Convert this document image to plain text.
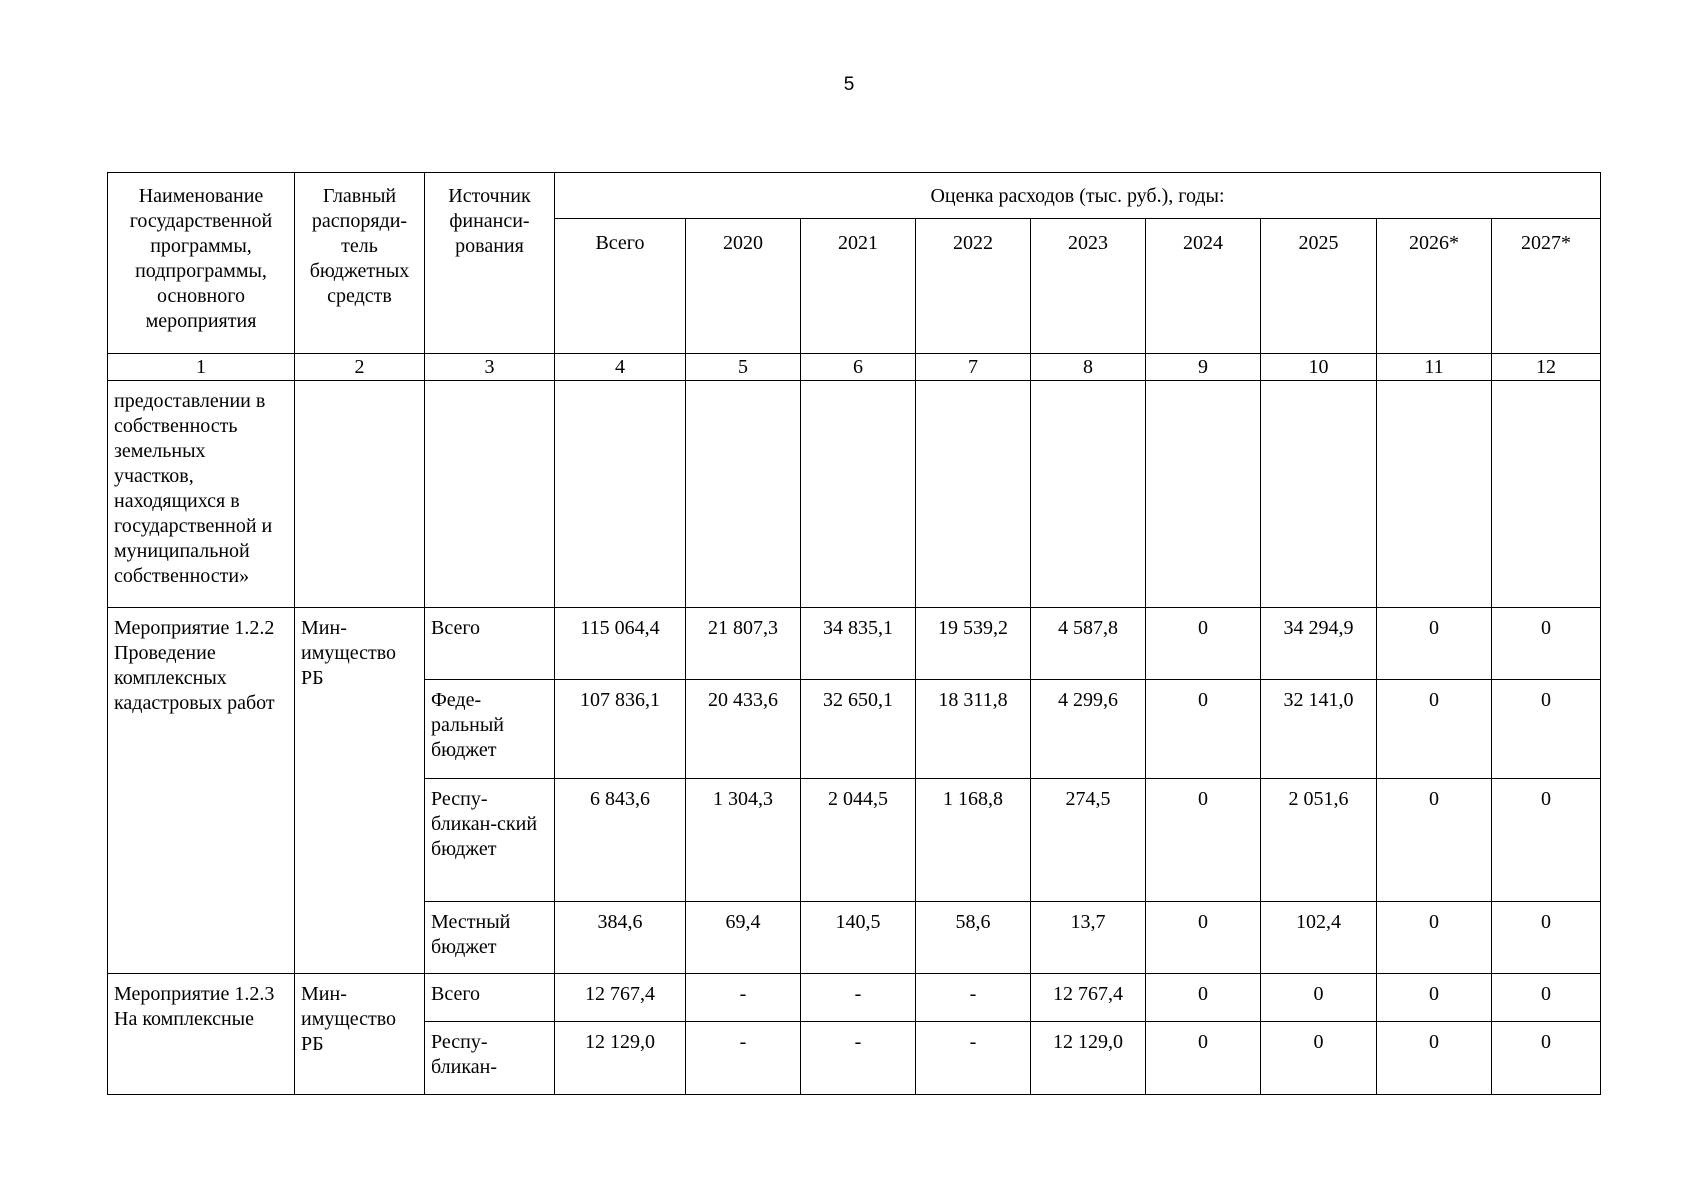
5
Наименование государственной программы, подпрограммы, основного мероприятия	Главный распоряди-тель бюджетных средств	Источник финанси-рования	Оценка расходов (тыс. руб.), годы:								
			Всего	2020	2021	2022	2023	2024	2025	2026*	2027*
1	2	3	4	5	6	7	8	9	10	11	12
предоставлении в собственность земельных участков, находящихся в государственной и муниципальной собственности»											
Мероприятие 1.2.2 Проведение комплексных кадастровых работ	Мин-имущество РБ	Всего	115 064,4	21 807,3	34 835,1	19 539,2	4 587,8	0	34 294,9	0	0
		Феде-ральный бюджет	107 836,1	20 433,6	32 650,1	18 311,8	4 299,6	0	32 141,0	0	0
		Респу-бликан-ский бюджет	6 843,6	1 304,3	2 044,5	1 168,8	274,5	0	2 051,6	0	0
		Местный бюджет	384,6	69,4	140,5	58,6	13,7	0	102,4	0	0
Мероприятие 1.2.3 На комплексные	Мин-имущество РБ	Всего	12 767,4	-	-	-	12 767,4	0	0	0	0
		Респу-бликан-	12 129,0	-	-	-	12 129,0	0	0	0	0
